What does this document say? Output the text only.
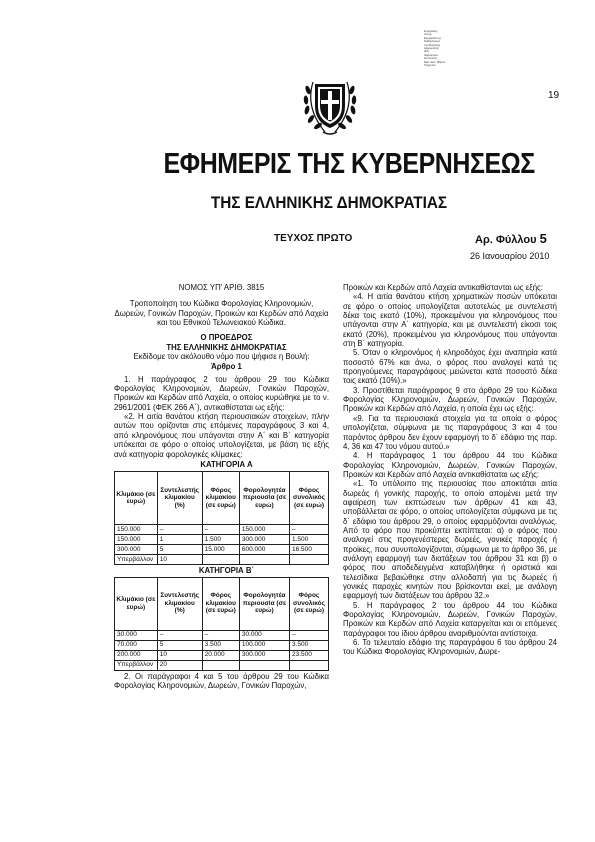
Ε.ψηφιακής
υπογρ.
Εφημερίδα της
Κυβερνήσεως
της Ελληνικής
Δημοκρατίας
(ΕΤ)
Ημερομηνία
εκτύπωσης:
Ώρα: Δευτ. Μάρτιο
Τρέχουσα
19
ΕΦΗΜΕΡΙΣ ΤΗΣ ΚΥΒΕΡΝΗΣΕΩΣ
ΤΗΣ ΕΛΛΗΝΙΚΗΣ ΔΗΜΟΚΡΑΤΙΑΣ
ΤΕΥΧΟΣ ΠΡΩΤΟ	Αρ. Φύλλου 5
26 Ιανουαρίου 2010

ΝΟΜΟΣ ΥΠ' ΑΡΙΘ. 3815

Τροποποίηση του Κώδικα Φορολογίας Κληρονομιών, Δωρεών, Γονικών Παροχών, Προικών και Κερδών από Λαχεία και του Εθνικού Τελωνειακού Κώδικα.

Ο ΠΡΟΕΔΡΟΣ

ΤΗΣ ΕΛΛΗΝΙΚΗΣ ΔΗΜΟΚΡΑΤΙΑΣ

Εκδίδομε τον ακόλουθο νόμο που ψήφισε η Βουλή:

Άρθρο 1

1. Η παράγραφος 2 του άρθρου 29 του Κώδικα Φορολογίας Κληρονομιών, Δωρεών, Γονικών Παροχών, Προικών και Κερδών από Λαχεία, ο οποίος κυρώθηκε με το ν. 2961/2001 (ΦΕΚ 266 Α΄), αντικαθίσταται ως εξής:

«2. Η αιτία θανάτου κτήση περιουσιακών στοιχείων, πλην αυτών που ορίζονται στις επόμενες παραγράφους 3 και 4, από κληρονόμους που υπάγονται στην Α΄ και Β΄ κατηγορία υπόκειται σε φόρο ο οποίος υπολογίζεται, με βάση τις εξής ανά κατηγορία φορολογικές κλίμακες:

ΚΑΤΗΓΟΡΙΑ Α

Κλιμάκιο (σε ευρώ)	Συντελεστής κλιμακίου (%)	Φόρος κλιμακίου (σε ευρώ)	Φορολογητέα περιουσία (σε ευρώ)	Φόρος συνολικός (σε ευρώ)
150.000	–	–	150.000	–
150.000	1	1.500	300.000	1.500
300.000	5	15.000	600.000	16.500
Υπερβάλλον	10			

ΚΑΤΗΓΟΡΙΑ Β΄

Κλιμάκιο (σε ευρώ)	Συντελεστής κλιμακίου (%)	Φόρος κλιμακίου (σε ευρώ)	Φορολογητέα περιουσία (σε ευρώ)	Φόρος συνολικός (σε ευρώ)
30.000	–	–	30.000	–
70.000	5	3.500	100.000	3.500
200.000	10	20.000	300.000	23.500
Υπερβάλλον	20			

2. Οι παράγραφοι 4 και 5 του άρθρου 29 του Κώδικα Φορολογίας Κληρονομιών, Δωρεών, Γονικών Παροχών,

Προικών και Κερδών από Λαχεία αντικαθίστανται ως εξής:

«4. Η αιτία θανάτου κτήση χρηματικών ποσών υπόκειται σε φόρο ο οποίος υπολογίζεται αυτοτελώς με συντελεστή δέκα τοις εκατό (10%), προκειμένου για κληρονόμους που υπάγονται στην Α΄ κατηγορία, και με συντελεστή είκοσι τοις εκατό (20%), προκειμένου για κληρονόμους που υπάγονται στη Β΄ κατηγορία.

5. Όταν ο κληρονόμος ή κληροδόχος έχει αναπηρία κατά ποσοστό 67% και άνω, ο φόρος που αναλογεί κατά τις προηγούμενες παραγράφους μειώνεται κατά ποσοστό δέκα τοις εκατό (10%).»

3. Προστίθεται παράγραφος 9 στο άρθρο 29 του Κώδικα Φορολογίας Κληρονομιών, Δωρεών, Γονικών Παροχών, Προικών και Κερδών από Λαχεία, η οποία έχει ως εξής:

«9. Για τα περιουσιακά στοιχεία για τα οποία ο φόρος υπολογίζεται, σύμφωνα με τις παραγράφους 3 και 4 του παρόντος άρθρου δεν έχουν εφαρμογή το δ΄ εδάφιο της παρ. 4, 36 και 47 του νόμου αυτού.»

4. Η παράγραφος 1 του άρθρου 44 του Κώδικα Φορολογίας Κληρονομιών, Δωρεών, Γονικών Παροχών, Προικών και Κερδών από Λαχεία αντικαθίσταται ως εξής:

«1. Το υπόλοιπο της περιουσίας που αποκτάται αιτία δωρεάς ή γονικής παροχής, το οποίο απομένει μετά την αφαίρεση των εκπτώσεων των άρθρων 41 και 43, υποβάλλεται σε φόρο, ο οποίος υπολογίζεται σύμφωνα με τις δ΄ εδάφιο του άρθρου 29, ο οποίος εφαρμόζονται αναλόγως. Από το φόρο που προκύπτει εκπίπτεται: α) ο φόρος που αναλογεί στις προγενέστερες δωρεές, γονικές παροχές ή προίκες, που συνυπολογίζονται, σύμφωνα με το άρθρο 36, με ανάλογη εφαρμογή των διατάξεων του άρθρου 31 και β) ο φόρος που αποδεδειγμένα καταβλήθηκε ή οριστικά και τελεσίδικα βεβαιώθηκε στην αλλοδαπή για τις δωρεές ή γονικές παροχές κινητών που βρίσκονται εκεί, με ανάλογη εφαρμογή των διατάξεων του άρθρου 32.»

5. Η παράγραφος 2 του άρθρου 44 του Κώδικα Φορολογίας Κληρονομιών, Δωρεών, Γονικών Παροχών, Προικών και Κερδών από Λαχεία καταργείται και οι επόμενες παράγραφοι του ίδιου άρθρου αναριθμούνται αντίστοιχα.

6. Το τελευταίο εδάφιο της παραγράφου 6 του άρθρου 24 του Κώδικα Φορολογίας Κληρονομιών, Δωρε-
